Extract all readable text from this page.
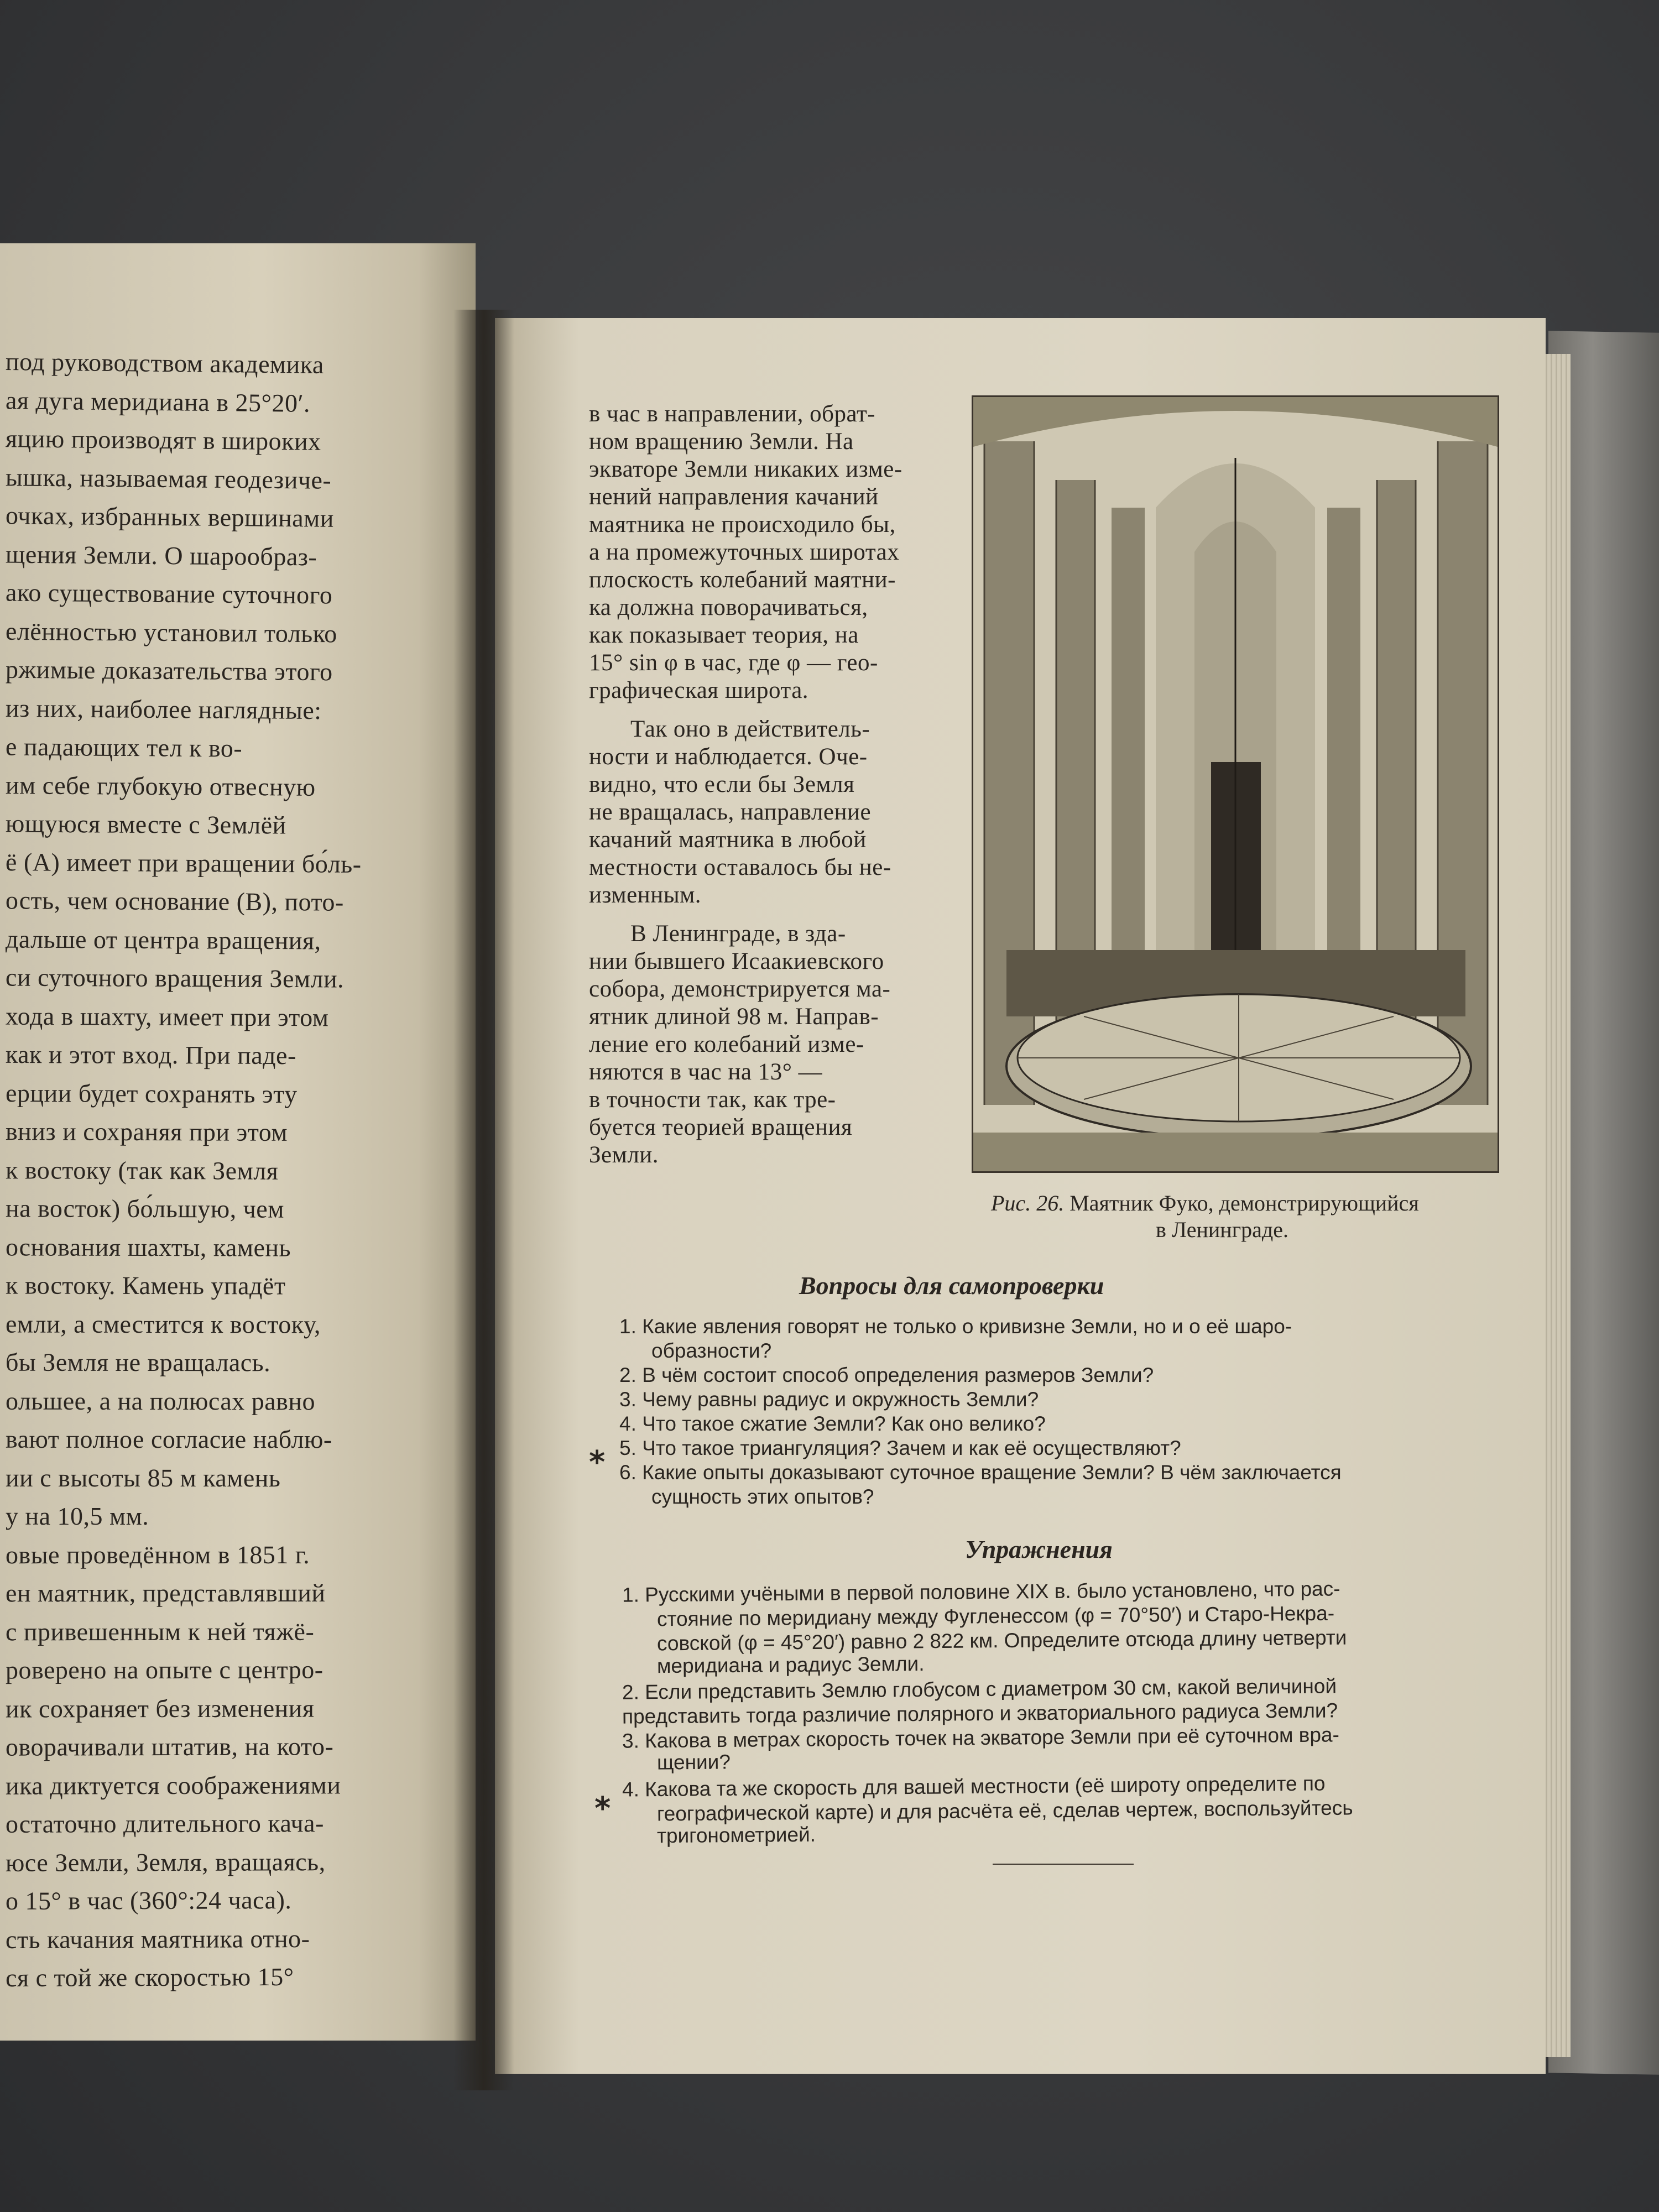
под руководством академика
ая дуга меридиана в 25°20′.
яцию производят в широких
ышка, называемая геодезиче-
очках, избранных вершинами
щения Земли. О шарообраз-
ако существование суточного
елённостью установил только
ржимые доказательства этого
из них, наиболее наглядные:
е падающих тел к во-
им себе глубокую отвесную
ющуюся вместе с Землёй
ё (А) имеет при вращении бо́ль-
ость, чем основание (B), пото-
дальше от центра вращения,
си суточного вращения Земли.
хода в шахту, имеет при этом
как и этот вход. При паде-
ерции будет сохранять эту
вниз и сохраняя при этом
к востоку (так как Земля
на восток) бо́льшую, чем
основания шахты, камень
к востоку. Камень упадёт
емли, а сместится к востоку,
бы Земля не вращалась.
ольшее, а на полюсах равно
вают полное согласие наблю-
ии с высоты 85 м камень
у на 10,5 мм.
овые проведённом в 1851 г.
ен маятник, представлявший
с привешенным к ней тяжё-
роверено на опыте с центро-
ик сохраняет без изменения
оворачивали штатив, на кото-
ика диктуется соображениями
остаточно длительного кача-
юсе Земли, Земля, вращаясь,
о 15° в час (360°:24 часа).
сть качания маятника отно-
ся с той же скоростью 15°
в час в направлении, обрат-
ном вращению Земли. На
экваторе Земли никаких изме-
нений направления качаний
маятника не происходило бы,
а на промежуточных широтах
плоскость колебаний маятни-
ка должна поворачиваться,
как показывает теория, на
15° sin φ в час, где φ — гео-
графическая широта.
Так оно в действитель-
ности и наблюдается. Оче-
видно, что если бы Земля
не вращалась, направление
качаний маятника в любой
местности оставалось бы не-
изменным.
В Ленинграде, в зда-
нии бывшего Исаакиевского
собора, демонстрируется ма-
ятник длиной 98 м. Направ-
ление его колебаний изме-
няются в час на 13° —
в точности так, как тре-
буется теорией вращения
Земли.
Рис. 26. Маятник Фуко, демонстрирующийся
в Ленинграде.
Вопросы для самопроверки
1. Какие явления говорят не только о кривизне Земли, но и о её шаро-
образности?
2. В чём состоит способ определения размеров Земли?
3. Чему равны радиус и окружность Земли?
4. Что такое сжатие Земли? Как оно велико?
5. Что такое триангуляция? Зачем и как её осуществляют?
6. Какие опыты доказывают суточное вращение Земли? В чём заключается
сущность этих опытов?
*
Упражнения
1. Русскими учёными в первой половине XIX в. было установлено, что рас-
стояние по меридиану между Фугленессом (φ = 70°50′) и Старо-Некра-
совской (φ = 45°20′) равно 2 822 км. Определите отсюда длину четверти
меридиана и радиус Земли.
2. Если представить Землю глобусом с диаметром 30 см, какой величиной
представить тогда различие полярного и экваториального радиуса Земли?
3. Какова в метрах скорость точек на экваторе Земли при её суточном вра-
щении?
4. Какова та же скорость для вашей местности (её широту определите по
географической карте) и для расчёта её, сделав чертеж, воспользуйтесь
тригонометрией.
*
